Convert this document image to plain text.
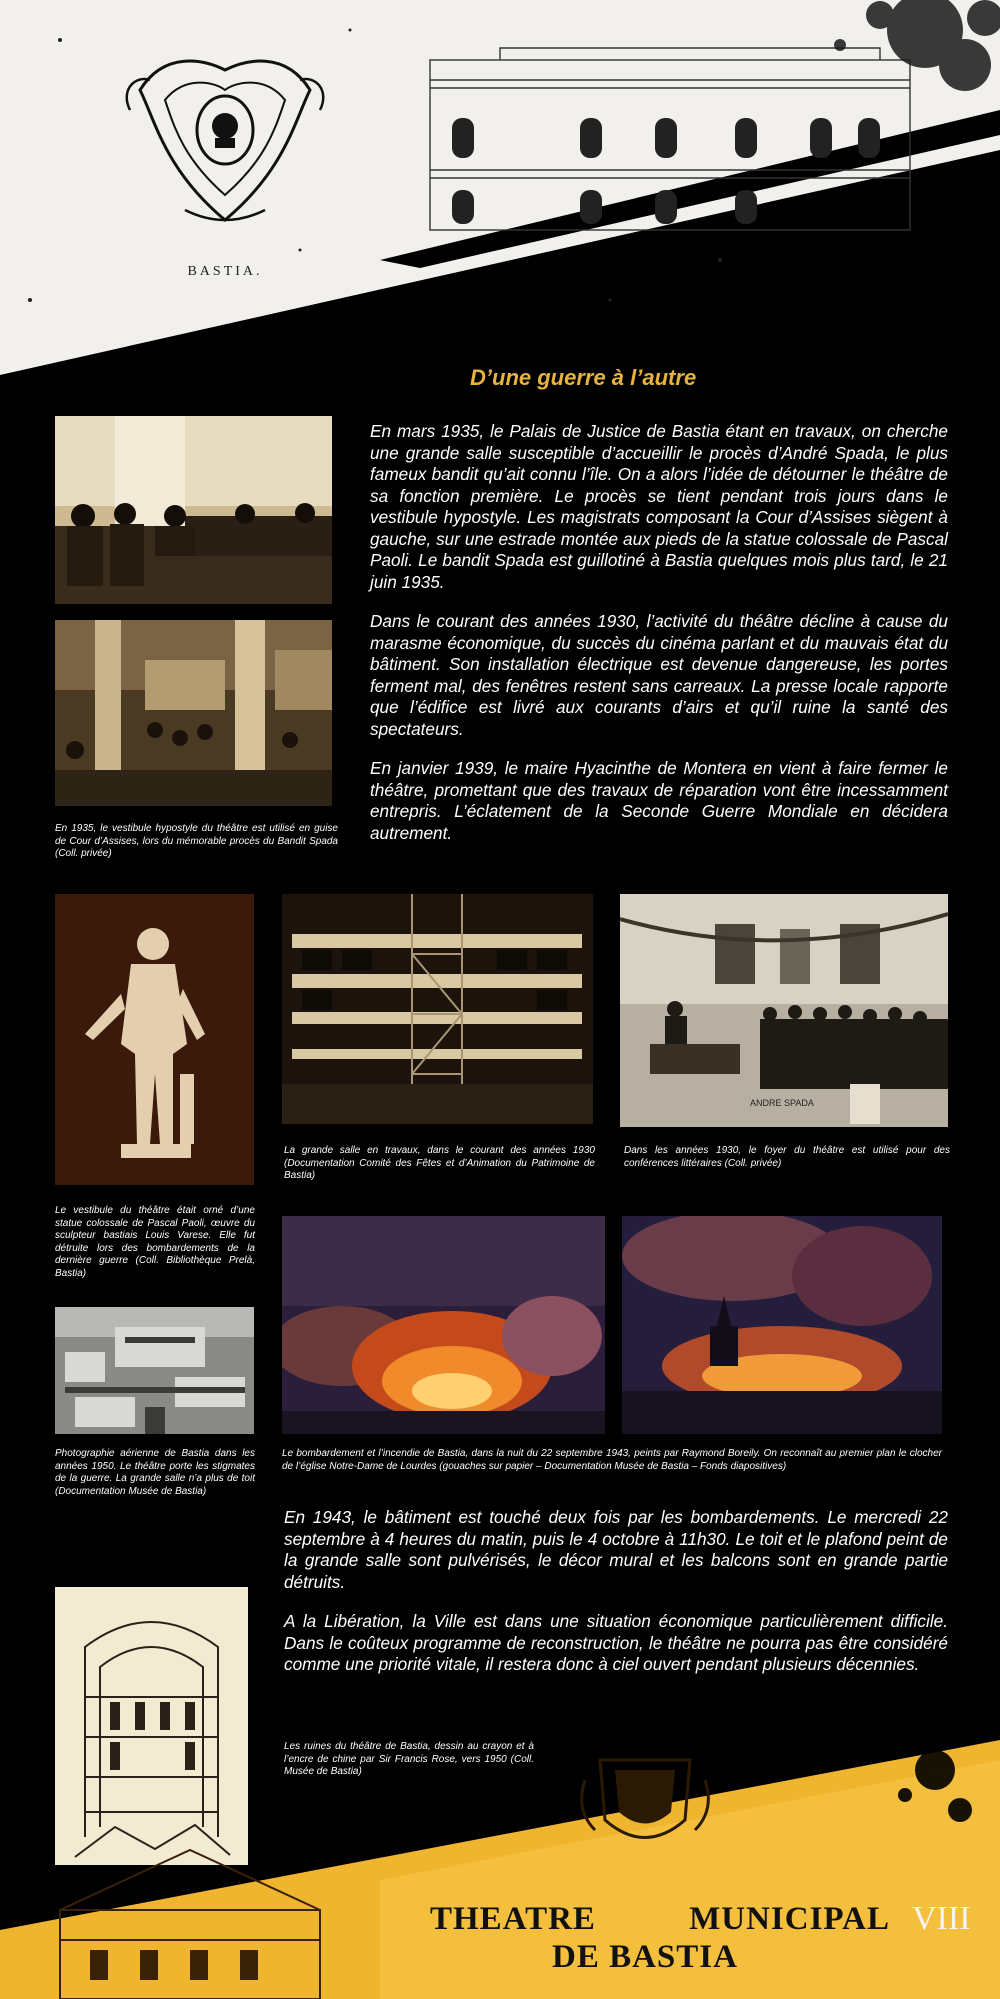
BASTIA.
D’une guerre à l’autre
En 1935, le vestibule hypostyle du théâtre est utilisé en guise de Cour d’Assises, lors du mémorable procès du Bandit Spada (Coll. privée)

En mars 1935, le Palais de Justice de Bastia étant en travaux, on cherche une grande salle susceptible d’accueillir le procès d’André Spada, le plus fameux bandit qu’ait connu l’île. On a alors l’idée de détourner le théâtre de sa fonction première. Le procès se tient pendant trois jours dans le vestibule hypostyle. Les magistrats composant la Cour d’Assises siègent à gauche, sur une estrade montée aux pieds de la statue colossale de Pascal Paoli. Le bandit Spada est guillotiné à Bastia quelques mois plus tard, le 21 juin 1935.

Dans le courant des années 1930, l’activité du théâtre décline à cause du marasme économique, du succès du cinéma parlant et du mauvais état du bâtiment. Son installation électrique est devenue dangereuse, les portes ferment mal, des fenêtres restent sans carreaux. La presse locale rapporte que l’édifice est livré aux courants d’airs et qu’il ruine la santé des spectateurs.

En janvier 1939, le maire Hyacinthe de Montera en vient à faire fermer le théâtre, promettant que des travaux de réparation vont être incessamment entrepris. L’éclatement de la Seconde Guerre Mondiale en décidera autrement.

Le vestibule du théâtre était orné d’une statue colossale de Pascal Paoli, œuvre du sculpteur bastiais Louis Varese. Elle fut détruite lors des bombardements de la dernière guerre (Coll. Bibliothèque Prelà, Bastia)
La grande salle en travaux, dans le courant des années 1930 (Documentation Comité des Fêtes et d’Animation du Patrimoine de Bastia)
ANDRE SPADA
Dans les années 1930, le foyer du théâtre est utilisé pour des conférences littéraires (Coll. privée)
Le bombardement et l’incendie de Bastia, dans la nuit du 22 septembre 1943, peints par Raymond Boreily. On reconnaît au premier plan le clocher de l’église Notre-Dame de Lourdes (gouaches sur papier – Documentation Musée de Bastia – Fonds diapositives)
Photographie aérienne de Bastia dans les années 1950. Le théâtre porte les stigmates de la guerre. La grande salle n’a plus de toit (Documentation Musée de Bastia)

En 1943, le bâtiment est touché deux fois par les bombardements. Le mercredi 22 septembre à 4 heures du matin, puis le 4 octobre à 11h30. Le toit et le plafond peint de la grande salle sont pulvérisés, le décor mural et les balcons sont en grande partie détruits.

A la Libération, la Ville est dans une situation économique particulièrement difficile. Dans le coûteux programme de reconstruction, le théâtre ne pourra pas être considéré comme une priorité vitale, il restera donc à ciel ouvert pendant plusieurs décennies.

Les ruines du théâtre de Bastia, dessin au crayon et à l’encre de chine par Sir Francis Rose, vers 1950 (Coll. Musée de Bastia)
THEATRE	MUNICIPAL
DE BASTIA
VIII
